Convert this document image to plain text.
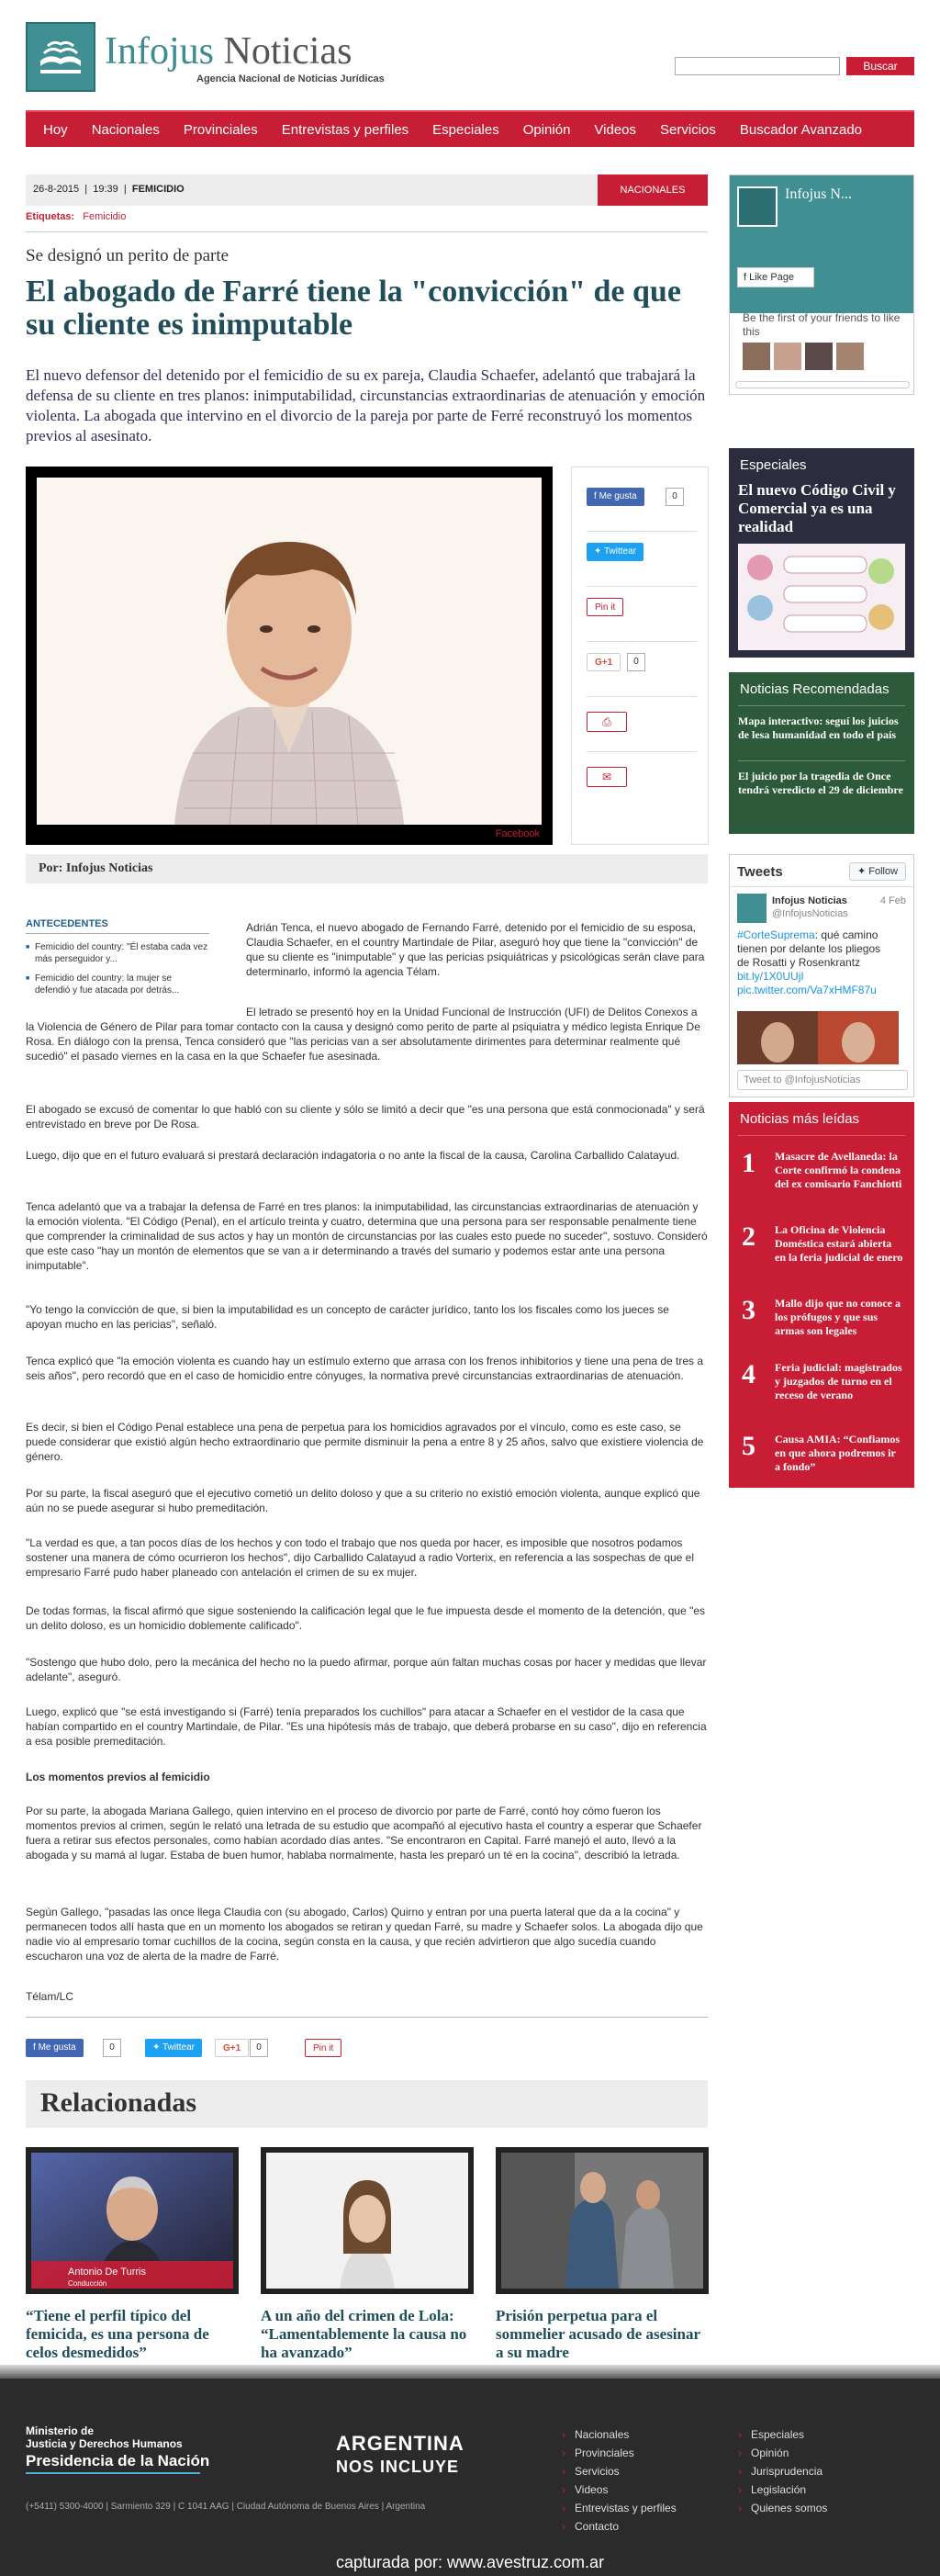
Infojus Noticias
Agencia Nacional de Noticias Jurídicas
Buscar
Hoy	Nacionales	Provinciales	Entrevistas y perfiles	Especiales	Opinión	Videos	Servicios	Buscador Avanzado
26-8-2015  |  19:39  |  FEMICIDIO	NACIONALES
Etiquetas: Femicidio
Se designó un perito de parte
El abogado de Farré tiene la "convicción" de que su cliente es inimputable

El nuevo defensor del detenido por el femicidio de su ex pareja, Claudia Schaefer, adelantó que trabajará la defensa de su cliente en tres planos: inimputabilidad, circunstancias extraordinarias de atenuación y emoción violenta. La abogada que intervino en el divorcio de la pareja por parte de Ferré reconstruyó los momentos previos al asesinato.

Facebook
f Me gusta	0
✦ Twittear
Pin it
G+1	0
⎙
✉
Por: Infojus Noticias
ANTECEDENTES
■ Femicidio del country: "Él estaba cada vez más perseguidor y...
■ Femicidio del country: la mujer se defendió y fue atacada por detrás...

Adrián Tenca, el nuevo abogado de Fernando Farré, detenido por el femicidio de su esposa, Claudia Schaefer, en el country Martindale de Pilar, aseguró hoy que tiene la "convicción" de que su cliente es "inimputable" y que las pericias psiquiátricas y psicológicas serán clave para determinarlo, informó la agencia Télam.

El letrado se presentó hoy en la Unidad Funcional de Instrucción (UFI) de Delitos Conexos a la Violencia de Género de Pilar para tomar contacto con la causa y designó como perito de parte al psiquiatra y médico legista Enrique De Rosa. En diálogo con la prensa, Tenca consideró que "las pericias van a ser absolutamente dirimentes para determinar realmente qué sucedió" el pasado viernes en la casa en la que Schaefer fue asesinada.

El abogado se excusó de comentar lo que habló con su cliente y sólo se limitó a decir que "es una persona que está conmocionada" y será entrevistado en breve por De Rosa.

Luego, dijo que en el futuro evaluará si prestará declaración indagatoria o no ante la fiscal de la causa, Carolina Carballido Calatayud.

Tenca adelantó que va a trabajar la defensa de Farré en tres planos: la inimputabilidad, las circunstancias extraordinarias de atenuación y la emoción violenta. "El Código (Penal), en el artículo treinta y cuatro, determina que una persona para ser responsable penalmente tiene que comprender la criminalidad de sus actos y hay un montón de circunstancias por las cuales esto puede no suceder", sostuvo. Consideró que este caso "hay un montón de elementos que se van a ir determinando a través del sumario y podemos estar ante una persona inimputable".

"Yo tengo la convicción de que, si bien la imputabilidad es un concepto de carácter jurídico, tanto los los fiscales como los jueces se apoyan mucho en las pericias", señaló.

Tenca explicó que "la emoción violenta es cuando hay un estímulo externo que arrasa con los frenos inhibitorios y tiene una pena de tres a seis años", pero recordó que en el caso de homicidio entre cónyuges, la normativa prevé circunstancias extraordinarias de atenuación.

Es decir, si bien el Código Penal establece una pena de perpetua para los homicidios agravados por el vínculo, como es este caso, se puede considerar que existió algún hecho extraordinario que permite disminuir la pena a entre 8 y 25 años, salvo que existiere violencia de género.

Por su parte, la fiscal aseguró que el ejecutivo cometió un delito doloso y que a su criterio no existió emoción violenta, aunque explicó que aún no se puede asegurar si hubo premeditación.

"La verdad es que, a tan pocos días de los hechos y con todo el trabajo que nos queda por hacer, es imposible que nosotros podamos sostener una manera de cómo ocurrieron los hechos", dijo Carballido Calatayud a radio Vorterix, en referencia a las sospechas de que el empresario Farré pudo haber planeado con antelación el crimen de su ex mujer.

De todas formas, la fiscal afirmó que sigue sosteniendo la calificación legal que le fue impuesta desde el momento de la detención, que "es un delito doloso, es un homicidio doblemente calificado".

"Sostengo que hubo dolo, pero la mecánica del hecho no la puedo afirmar, porque aún faltan muchas cosas por hacer y medidas que llevar adelante", aseguró.

Luego, explicó que "se está investigando si (Farré) tenía preparados los cuchillos" para atacar a Schaefer en el vestidor de la casa que habían compartido en el country Martindale, de Pilar. "Es una hipótesis más de trabajo, que deberá probarse en su caso", dijo en referencia a esa posible premeditación.

Los momentos previos al femicidio

Por su parte, la abogada Mariana Gallego, quien intervino en el proceso de divorcio por parte de Farré, contó hoy cómo fueron los momentos previos al crimen, según le relató una letrada de su estudio que acompañó al ejecutivo hasta el country a esperar que Schaefer fuera a retirar sus efectos personales, como habían acordado días antes. "Se encontraron en Capital. Farré manejó el auto, llevó a la abogada y su mamá al lugar. Estaba de buen humor, hablaba normalmente, hasta les preparó un té en la cocina", describió la letrada.

Según Gallego, "pasadas las once llega Claudia con (su abogado, Carlos) Quirno y entran por una puerta lateral que da a la cocina" y permanecen todos allí hasta que en un momento los abogados se retiran y quedan Farré, su madre y Schaefer solos. La abogada dijo que nadie vio al empresario tomar cuchillos de la cocina, según consta en la causa, y que recién advirtieron que algo sucedía cuando escucharon una voz de alerta de la madre de Farré.

Télam/LC

f Me gusta	0	✦ Twittear	G+1	0	Pin it
Relacionadas
Antonio De Turris
Conducción
“Tiene el perfil típico del femicida, es una persona de celos desmedidos”
A un año del crimen de Lola: “Lamentablemente la causa no ha avanzado”
Prisión perpetua para el sommelier acusado de asesinar a su madre
Infojus N...
f Like Page
Be the first of your friends to like this
Especiales
El nuevo Código Civil y Comercial ya es una realidad
Noticias Recomendadas
Mapa interactivo: seguí los juicios de lesa humanidad en todo el país
El juicio por la tragedia de Once tendrá veredicto el 29 de diciembre
Tweets	✦ Follow
Infojus Noticias
@InfojusNoticias
4 Feb
#CorteSuprema: qué camino tienen por delante los pliegos de Rosatti y Rosenkrantz bit.ly/1X0UUjI pic.twitter.com/Va7xHMF87u
Tweet to @InfojusNoticias
Noticias más leídas
1 Masacre de Avellaneda: la Corte confirmó la condena del ex comisario Fanchiotti
2 La Oficina de Violencia Doméstica estará abierta en la feria judicial de enero
3 Mallo dijo que no conoce a los prófugos y que sus armas son legales
4 Feria judicial: magistrados y juzgados de turno en el receso de verano
5 Causa AMIA: “Confiamos en que ahora podremos ir a fondo”
Ministerio de
Justicia y Derechos Humanos
Presidencia de la Nación
(+5411) 5300-4000 | Sarmiento 329 | C 1041 AAG | Ciudad Autónoma de Buenos Aires | Argentina
ARGENTINA
NOS INCLUYE
› Nacionales
› Provinciales
› Servicios
› Videos
› Entrevistas y perfiles
› Contacto
› Especiales
› Opinión
› Jurisprudencia
› Legislación
› Quienes somos
capturada por: www.avestruz.com.ar
